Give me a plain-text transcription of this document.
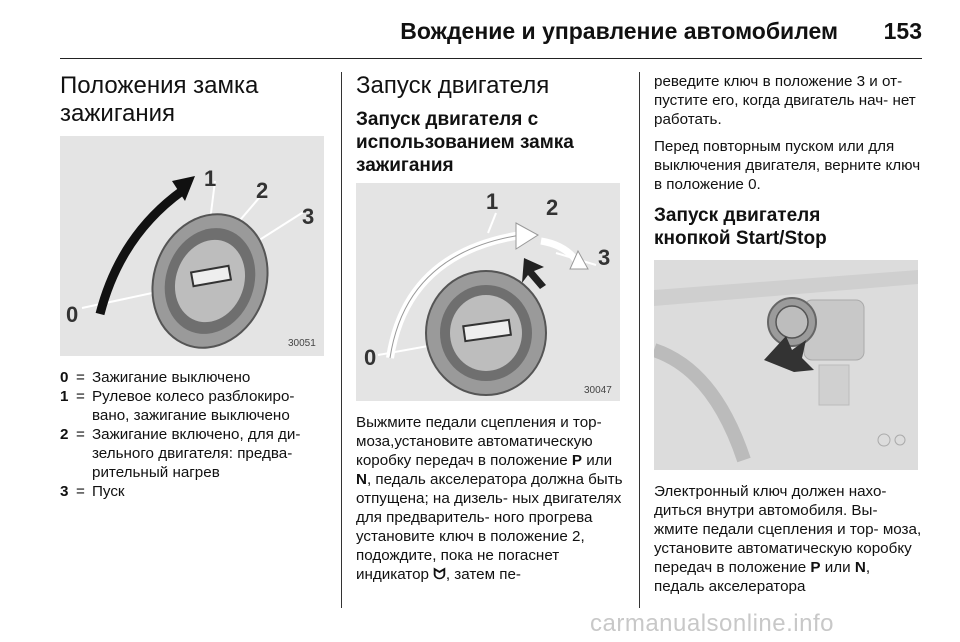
Вождение и управление автомобилем 153
Положения замка зажигания
1 2
3
0
30051
0 = Зажигание выключено
1 = Рулевое колесо разблокиро- вано, зажигание выключено
2 = Зажигание включено, для ди- зельного двигателя: предва- рительный нагрев
3 = Пуск
Запуск двигателя
Запуск двигателя с использованием замка зажигания
1 2
3
0
30047

Выжмите педали сцепления и тор- моза,установите автоматическую коробку передач в положение P или N, педаль акселератора должна быть отпущена; на дизель- ных двигателях для предваритель- ного прогрева установите ключ в положение 2, подождите, пока не погаснет индикатор ᗢ, затем пе-

реведите ключ в положение 3 и от- пустите его, когда двигатель нач- нет работать.

Перед повторным пуском или для выключения двигателя, верните ключ в положение 0.

Запуск двигателя кнопкой Start/Stop

Электронный ключ должен нахо- диться внутри автомобиля. Вы- жмите педали сцепления и тор- моза, установите автоматическую коробку передач в положение P или N, педаль акселератора

carmanualsonline.info
